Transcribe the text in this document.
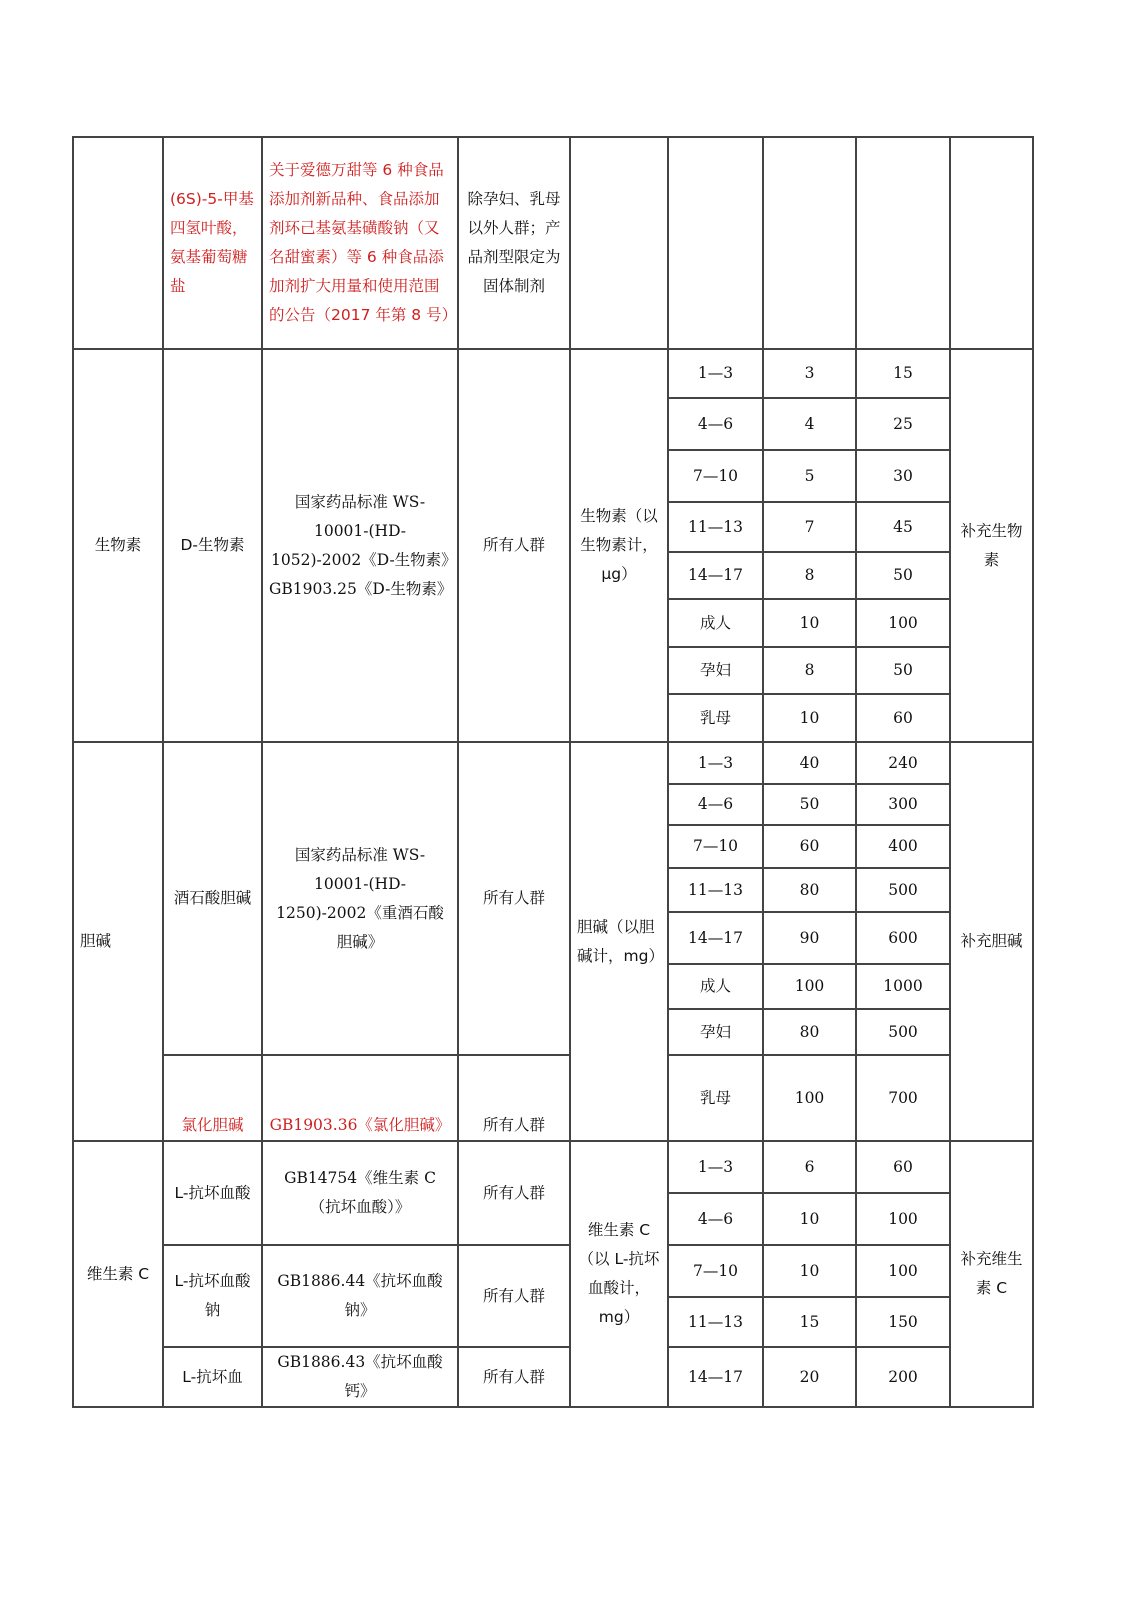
	(6S)-5-甲基四氢叶酸，氨基葡萄糖盐	关于爱德万甜等 6 种食品添加剂新品种、食品添加剂环己基氨基磺酸钠（又名甜蜜素）等 6 种食品添加剂扩大用量和使用范围的公告（2017 年第 8 号）	除孕妇、乳母以外人群；产品剂型限定为固体制剂					
生物素	D-生物素	国家药品标准 WS-10001-(HD-1052)-2002《D-生物素》GB1903.25《D-生物素》	所有人群	生物素（以生物素计，μg）	1—3	3	15	补充生物素
					4—6	4	25	
					7—10	5	30	
					11—13	7	45	
					14—17	8	50	
					成人	10	100	
					孕妇	8	50	
					乳母	10	60	
胆碱	酒石酸胆碱	国家药品标准 WS-10001-(HD-1250)-2002《重酒石酸胆碱》	所有人群	胆碱（以胆碱计，mg）	1—3	40	240	补充胆碱
					4—6	50	300	
					7—10	60	400	
					11—13	80	500	
					14—17	90	600	
					成人	100	1000	
					孕妇	80	500	
	氯化胆碱	GB1903.36《氯化胆碱》	所有人群		乳母	100	700	
维生素 C	L-抗坏血酸	GB14754《维生素 C（抗坏血酸）》	所有人群	维生素 C（以 L-抗坏血酸计，mg）	1—3	6	60	补充维生素 C
					4—6	10	100	
	L-抗坏血酸钠	GB1886.44《抗坏血酸钠》	所有人群		7—10	10	100	
					11—13	15	150	
	L-抗坏血	GB1886.43《抗坏血酸钙》	所有人群		14—17	20	200	
